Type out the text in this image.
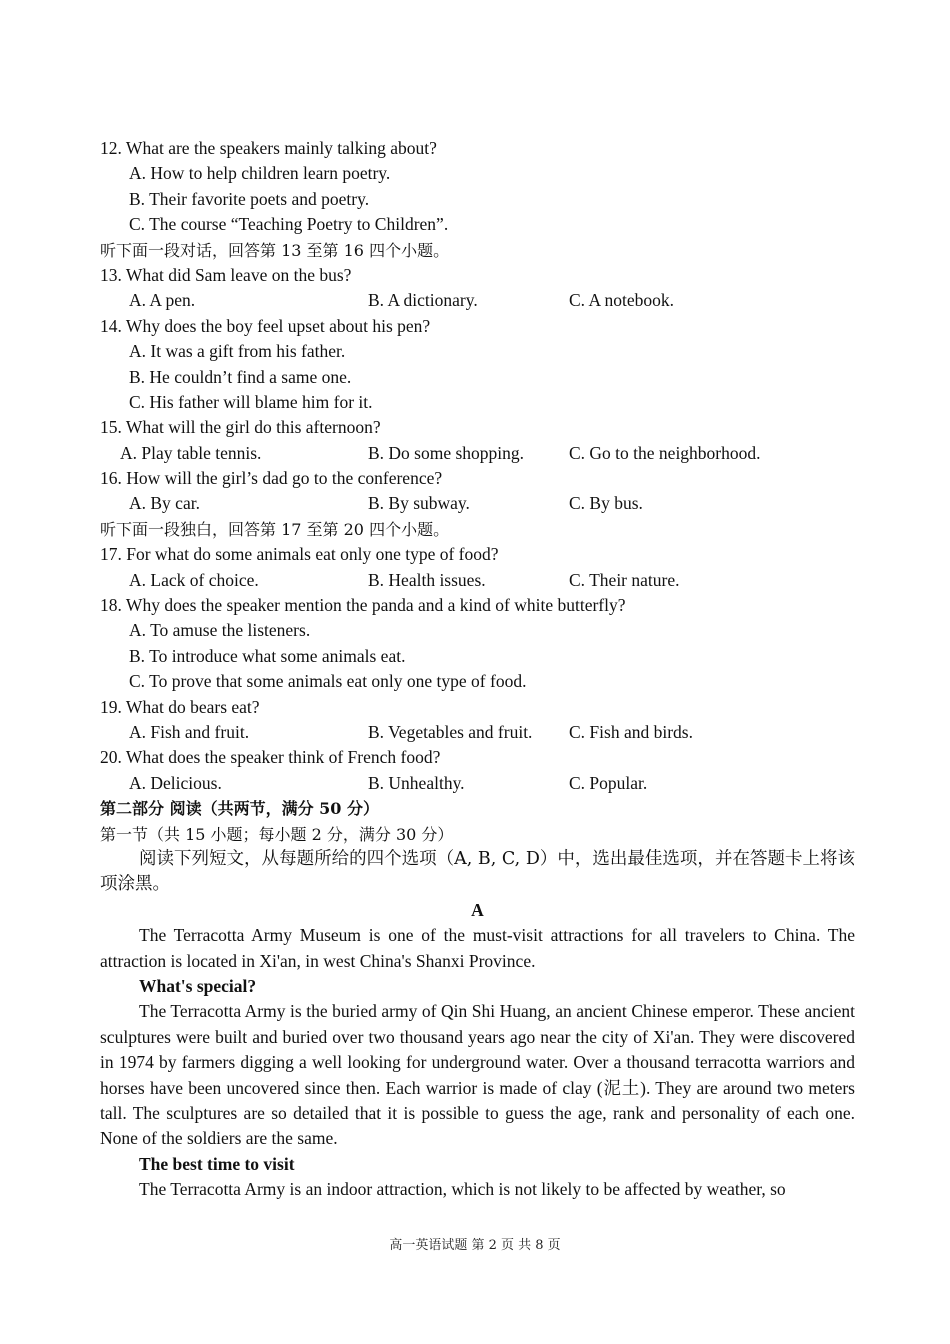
12. What are the speakers mainly talking about?
A. How to help children learn poetry.
B. Their favorite poets and poetry.
C. The course “Teaching Poetry to Children”.
听下面一段对话，回答第 13 至第 16 四个小题。
13. What did Sam leave on the bus?
A. A pen.	B. A dictionary.	C. A notebook.
14. Why does the boy feel upset about his pen?
A. It was a gift from his father.
B. He couldn’t find a same one.
C. His father will blame him for it.
15. What will the girl do this afternoon?
A. Play table tennis.	B. Do some shopping.	C. Go to the neighborhood.
16. How will the girl’s dad go to the conference?
A. By car.	B. By subway.	C. By bus.
听下面一段独白，回答第 17 至第 20 四个小题。
17. For what do some animals eat only one type of food?
A. Lack of choice.	B. Health issues.	C. Their nature.
18. Why does the speaker mention the panda and a kind of white butterfly?
A. To amuse the listeners.
B. To introduce what some animals eat.
C. To prove that some animals eat only one type of food.
19. What do bears eat?
A. Fish and fruit.	B. Vegetables and fruit. C. Fish and birds.
20. What does the speaker think of French food?
A. Delicious.	B. Unhealthy.	C. Popular.
第二部分 阅读（共两节，满分 50 分）
第一节（共 15 小题；每小题 2 分，满分 30 分）
阅读下列短文，从每题所给的四个选项（A, B, C, D）中，选出最佳选项，并在答题卡上将该项涂黑。
A
The Terracotta Army Museum is one of the must-visit attractions for all travelers to China. The attraction is located in Xi'an, in west China's Shanxi Province.
What's special?
The Terracotta Army is the buried army of Qin Shi Huang, an ancient Chinese emperor. These ancient sculptures were built and buried over two thousand years ago near the city of Xi'an. They were discovered in 1974 by farmers digging a well looking for underground water. Over a thousand terracotta warriors and horses have been uncovered since then. Each warrior is made of clay (泥土). They are around two meters tall. The sculptures are so detailed that it is possible to guess the age, rank and personality of each one. None of the soldiers are the same.
The best time to visit
The Terracotta Army is an indoor attraction, which is not likely to be affected by weather, so
高一英语试题 第 2 页 共 8 页
